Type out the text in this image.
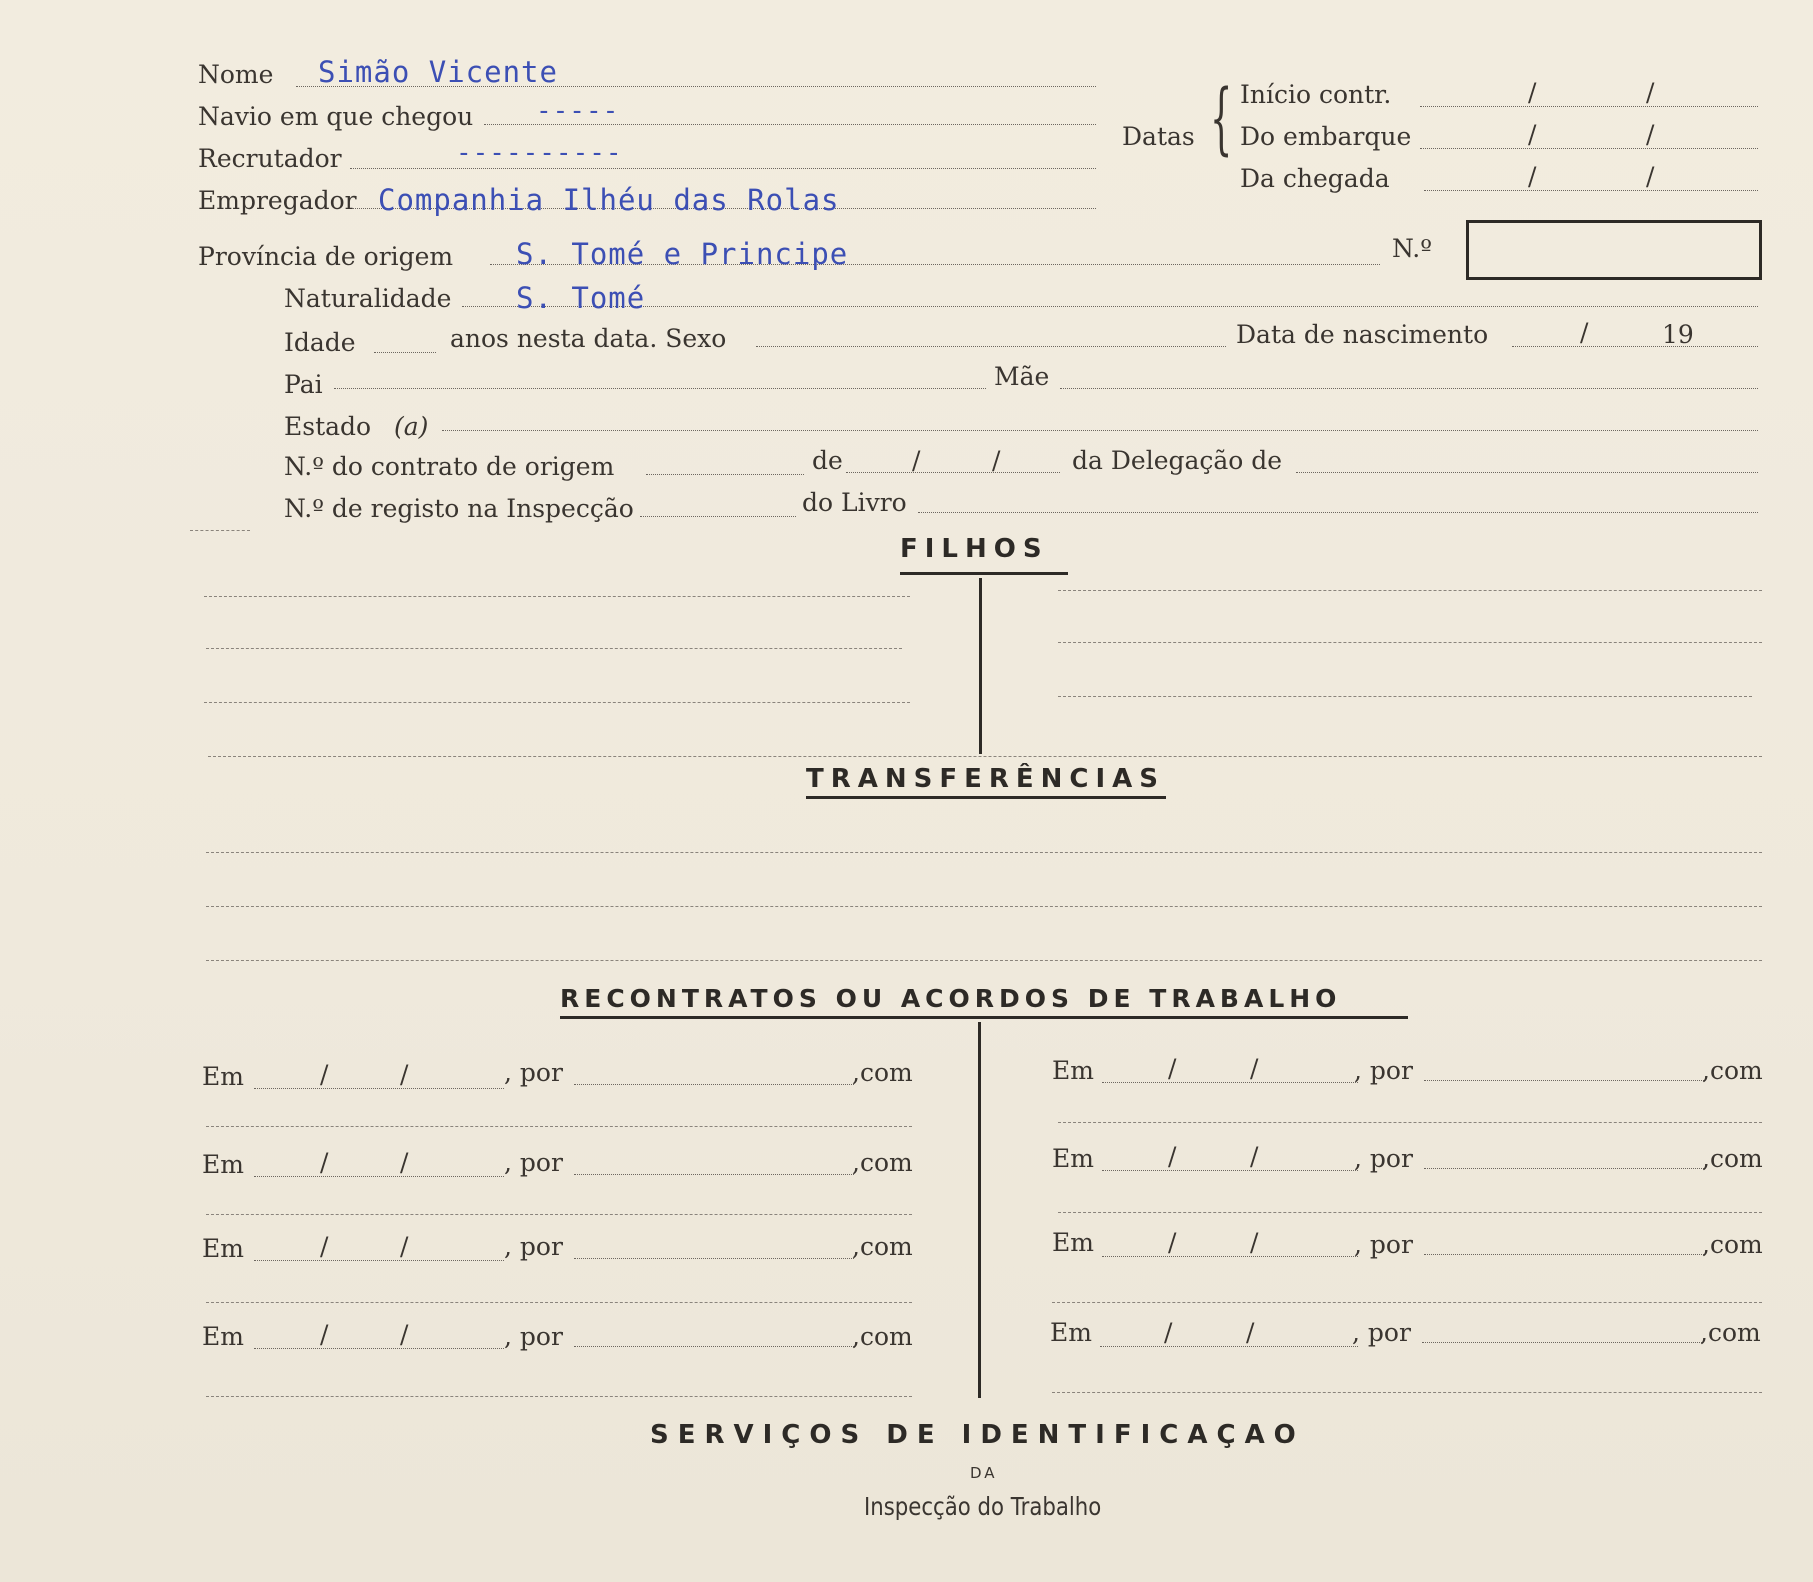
Nome Simão Vicente
Navio em que chegou -----
Recrutador	----------
Empregador Companhia Ilhéu das Rolas
Datas { Início contr.	/	/
Do embarque	/	/
Da chegada	/	/
Província de origem S. Tomé e Principe	N.º
Naturalidade S. Tomé
Idade	anos nesta data. Sexo	Data de nascimento	/	19
Pai	Mãe
Estado (a)
N.º do contrato de origem	de	/	/	da Delegação de
N.º de registo na Inspecção	do Livro
FILHOS
TRANSFERÊNCIAS
RECONTRATOS OU ACORDOS DE TRABALHO
Em	/	/	, por	,com
Em	/	/	, por	,com
Em	/	/	, por	,com
Em	/	/	, por	,com
Em	/	/	, por	,com
Em	/	/	, por	,com
Em	/	/	, por	,com
Em	/	/	, por	,com
SERVIÇOS DE IDENTIFICAÇAO
DA
Inspecção do Trabalho
